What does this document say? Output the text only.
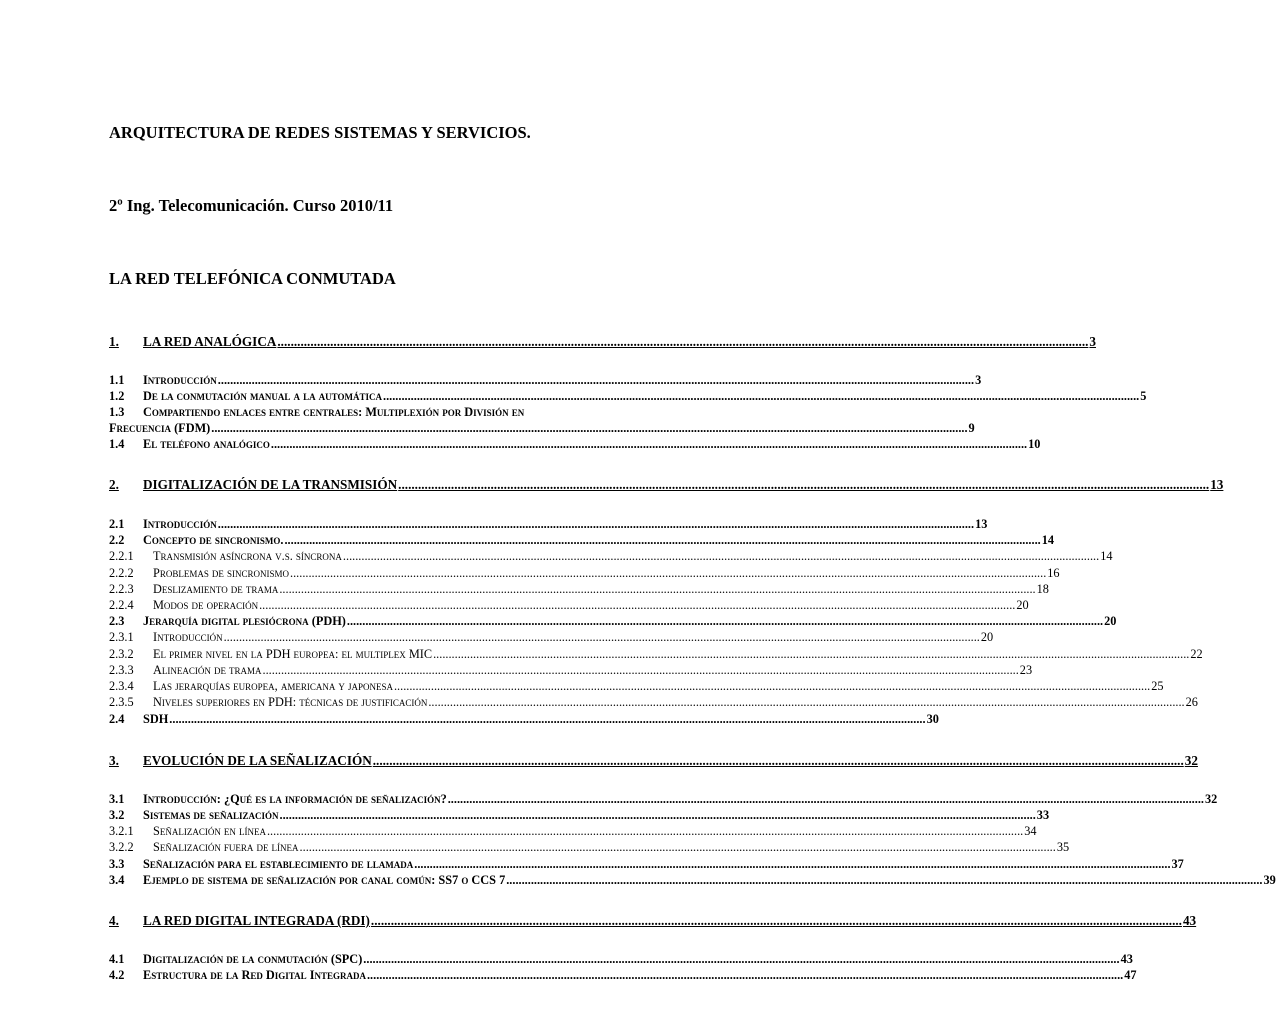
ARQUITECTURA DE REDES SISTEMAS Y SERVICIOS.
2º Ing. Telecomunicación. Curso 2010/11
LA RED TELEFÓNICA CONMUTADA
1.	LA RED ANALÓGICA .....	3
1.1	Introducción .....	3
1.2	De la conmutación manual a la automática .....	5
1.3 Compartiendo enlaces entre centrales: Multiplexión por División en
Frecuencia (FDM) .....	9
1.4	El teléfono analógico .....	10
2.	DIGITALIZACIÓN DE LA TRANSMISIÓN .....	13
2.1	Introducción .....	13
2.2	Concepto de sincronismo. .....	14
2.2.1	Transmisión asíncrona v.s. síncrona .....	14
2.2.2	Problemas de sincronismo .....	16
2.2.3	Deslizamiento de trama .....	18
2.2.4	Modos de operación .....	20
2.3	Jerarquía digital plesiócrona (PDH) .....	20
2.3.1	Introducción .....	20
2.3.2	El primer nivel en la PDH europea: el multiplex MIC .....	22
2.3.3	Alineación de trama .....	23
2.3.4	Las jerarquías europea, americana y japonesa .....	25
2.3.5	Niveles superiores en PDH: técnicas de justificación .....	26
2.4	SDH .....	30
3.	EVOLUCIÓN DE LA SEÑALIZACIÓN .....	32
3.1	Introducción: ¿Qué es la información de señalización? .....	32
3.2	Sistemas de señalización .....	33
3.2.1	Señalización en línea .....	34
3.2.2	Señalización fuera de línea .....	35
3.3	Señalización para el establecimiento de llamada .....	37
3.4	Ejemplo de sistema de señalización por canal común: SS7 o CCS 7 .....	39
4.	LA RED DIGITAL INTEGRADA (RDI) .....	43
4.1	Digitalización de la conmutación (SPC) .....	43
4.2	Estructura de la Red Digital Integrada .....	47
